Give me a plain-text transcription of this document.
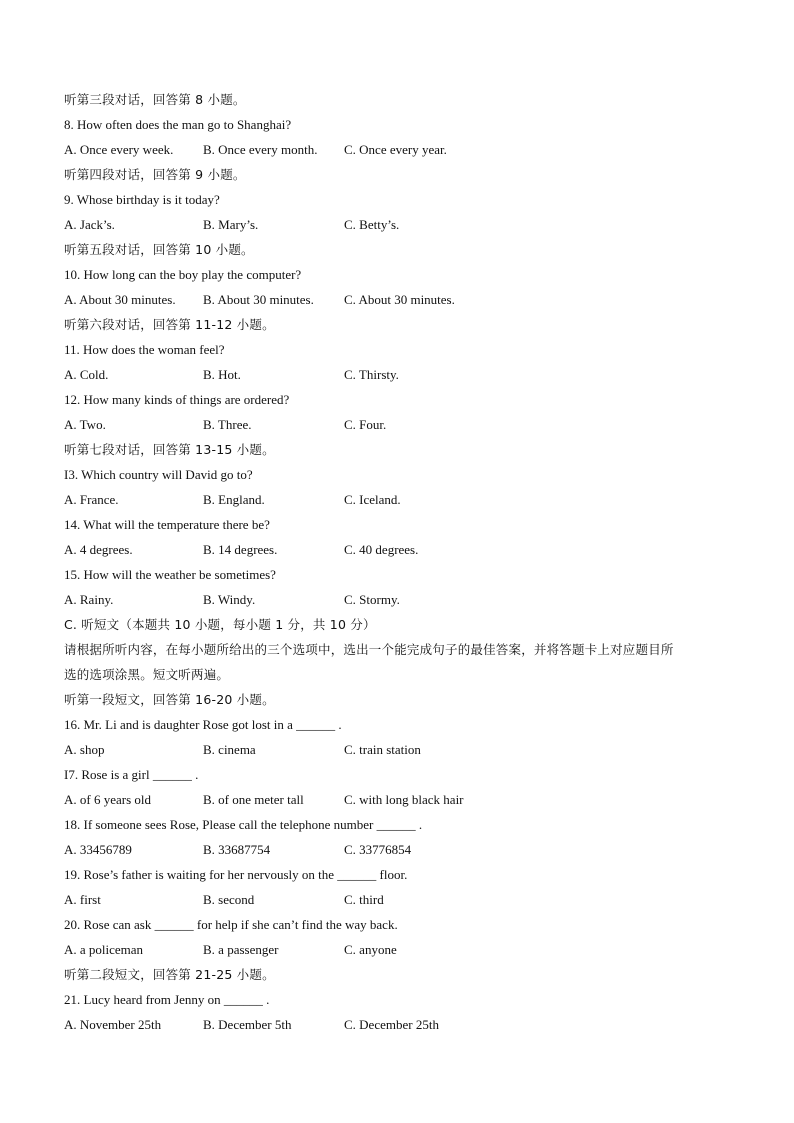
听第三段对话，回答第 8 小题。
8. How often does the man go to Shanghai?
A. Once every week. B. Once every month. C. Once every year.
听第四段对话，回答第 9 小题。
9. Whose birthday is it today?
A. Jack’s.	B. Mary’s.	C. Betty’s.
听第五段对话，回答第 10 小题。
10. How long can the boy play the computer?
A. About 30 minutes. B. About 30 minutes. C. About 30 minutes.
听第六段对话，回答第 11-12 小题。
11. How does the woman feel?
A. Cold.	B. Hot.	C. Thirsty.
12. How many kinds of things are ordered?
A. Two.	B. Three.	C. Four.
听第七段对话，回答第 13-15 小题。
I3. Which country will David go to?
A. France.	B. England.	C. Iceland.
14. What will the temperature there be?
A. 4 degrees.	B. 14 degrees.	C. 40 degrees.
15. How will the weather be sometimes?
A. Rainy.	B. Windy.	C. Stormy.
C. 听短文（本题共 10 小题，每小题 1 分，共 10 分）
请根据所听内容，在每小题所给出的三个选项中，选出一个能完成句子的最佳答案，并将答题卡上对应题目所
选的选项涂黑。短文听两遍。
听第一段短文，回答第 16-20 小题。
16. Mr. Li and is daughter Rose got lost in a ______ .
A. shop	B. cinema	C. train station
I7. Rose is a girl ______ .
A. of 6 years old	B. of one meter tall	C. with long black hair
18. If someone sees Rose, Please call the telephone number ______ .
A. 33456789	B. 33687754	C. 33776854
19. Rose’s father is waiting for her nervously on the ______ floor.
A. first	B. second	C. third
20. Rose can ask ______ for help if she can’t find the way back.
A. a policeman	B. a passenger	C. anyone
听第二段短文，回答第 21-25 小题。
21. Lucy heard from Jenny on ______ .
A. November 25th	B. December 5th	C. December 25th
